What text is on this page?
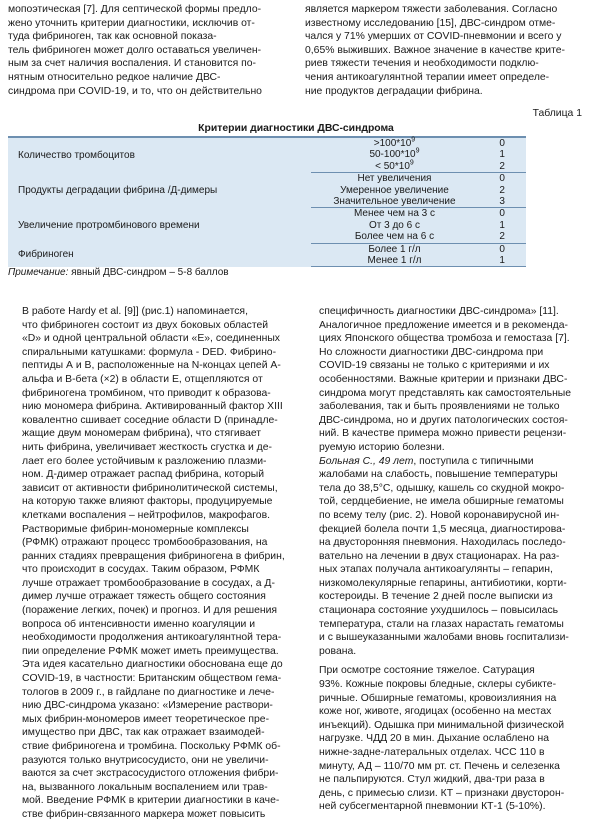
мопоэтическая [7]. Для септической формы предло-
жено уточнить критерии диагностики, исключив от-
туда фибриноген, так как основной показа-
тель фибриноген может долго оставаться увеличен-
ным за счет наличия воспаления. И становится по-
нятным относительно редкое наличие ДВС-
синдрома при COVID-19, и то, что он действительно

является маркером тяжести заболевания. Согласно
известному исследованию [15], ДВС-синдром отме-
чался у 71% умерших от COVID-пневмонии и всего у
0,65% выживших. Важное значение в качестве крите-
риев тяжести течения и необходимости подклю-
чения антикоагулянтной терапии имеет определе-
ние продуктов деградации фибрина.

Таблица 1
Критерии диагностики ДВС-синдрома
Количество тромбоцитов	$>100*10^9$	0
	$50-100*10^9$	1
	< $50*10^9$	2
Продукты деградации фибрина /Д-димеры	Нет увеличения	0
	Умеренное увеличение	2
	Значительное увеличение	3
Увеличение протромбинового времени	Менее чем на 3 с	0
	От 3 до 6 с	1
	Более чем на 6 с	2
Фибриноген	Более 1 г/л	0
	Менее 1 г/л	1
Примечание: явный ДВС-синдром – 5-8 баллов

В работе Hardy et al. [9]] (рис.1) напоминается,
что фибриноген состоит из двух боковых областей
«D» и одной центральной области «E», соединенных
спиральными катушками: формула - DED. Фибрино-
пептиды А и В, расположенные на N-концах цепей A-
альфа и B-бета (×2) в области E, отщепляются от
фибриногена тромбином, что приводит к образова-
нию мономера фибрина. Активированный фактор XIII
ковалентно сшивает соседние области D (принадле-
жащие двум мономерам фибрина), что стягивает
нить фибрина, увеличивает жесткость сгустка и де-
лает его более устойчивым к разложению плазми-
ном. Д-димер отражает распад фибрина, который
зависит от активности фибринолитической системы,
на которую также влияют факторы, продуцируемые
клетками воспаления – нейтрофилов, макрофагов.
Растворимые фибрин-мономерные комплексы
(РФМК) отражают процесс тромбообразования, на
ранних стадиях превращения фибриногена в фибрин,
что происходит в сосудах. Таким образом, РФМК
лучше отражает тромбообразование в сосудах, а Д-
димер лучше отражает тяжесть общего состояния
(поражение легких, почек) и прогноз. И для решения
вопроса об интенсивности именно коагуляции и
необходимости продолжения антикоагулянтной тера-
пии определение РФМК может иметь преимущества.
Эта идея касательно диагностики обоснована еще до
COVID-19, в частности: Британским обществом гема-
тологов в 2009 г., в гайдлане по диагностике и лече-
нию ДВС-синдрома указано: «Измерение раствори-
мых фибрин-мономеров имеет теоретическое пре-
имущество при ДВС, так как отражает взаимодей-
ствие фибриногена и тромбина. Поскольку РФМК об-
разуются только внутрисосудисто, они не увеличи-
ваются за счет экстрасосудистого отложения фибри-
на, вызванного локальным воспалением или трав-
мой. Введение РФМК в критерии диагностики в каче-
стве фибрин-связанного маркера может повысить

специфичность диагностики ДВС-синдрома» [11].
Аналогичное предложение имеется и в рекоменда-
циях Японского общества тромбоза и гемостаза [7].

Но сложности диагностики ДВС-синдрома при
COVID-19 связаны не только с критериями и их
особенностями. Важные критерии и признаки ДВС-
синдрома могут представлять как самостоятельные
заболевания, так и быть проявлениями не только
ДВС-синдрома, но и других патологических состоя-
ний. В качестве примера можно привести рецензи-
руемую историю болезни.

Больная С., 49 лет, поступила с типичными
жалобами на слабость, повышение температуры
тела до 38,5°С, одышку, кашель со скудной мокро-
той, сердцебиение, не имела обширные гематомы
по всему телу (рис. 2). Новой коронавирусной ин-
фекцией болела почти 1,5 месяца, диагностирова-
на двусторонняя пневмония. Находилась последо-
вательно на лечении в двух стационарах. На раз-
ных этапах получала антикоагулянты – гепарин,
низкомолекулярные гепарины, антибиотики, корти-
костероиды. В течение 2 дней после выписки из
стационара состояние ухудшилось – повысилась
температура, стали на глазах нарастать гематомы
и с вышеуказанными жалобами вновь госпитализи-
рована.

При осмотре состояние тяжелое. Сатурация
93%. Кожные покровы бледные, склеры субикте-
ричные. Обширные гематомы, кровоизлияния на
коже ног, животе, ягодицах (особенно на местах
инъекций). Одышка при минимальной физической
нагрузке. ЧДД 20 в мин. Дыхание ослаблено на
нижне-задне-латеральных отделах. ЧСС 110 в
минуту, АД – 110/70 мм рт. ст. Печень и селезенка
не пальпируются. Стул жидкий, два-три раза в
день, с примесью слизи. КТ – признаки двусторон-
ней субсегментарной пневмонии КТ-1 (5-10%).
